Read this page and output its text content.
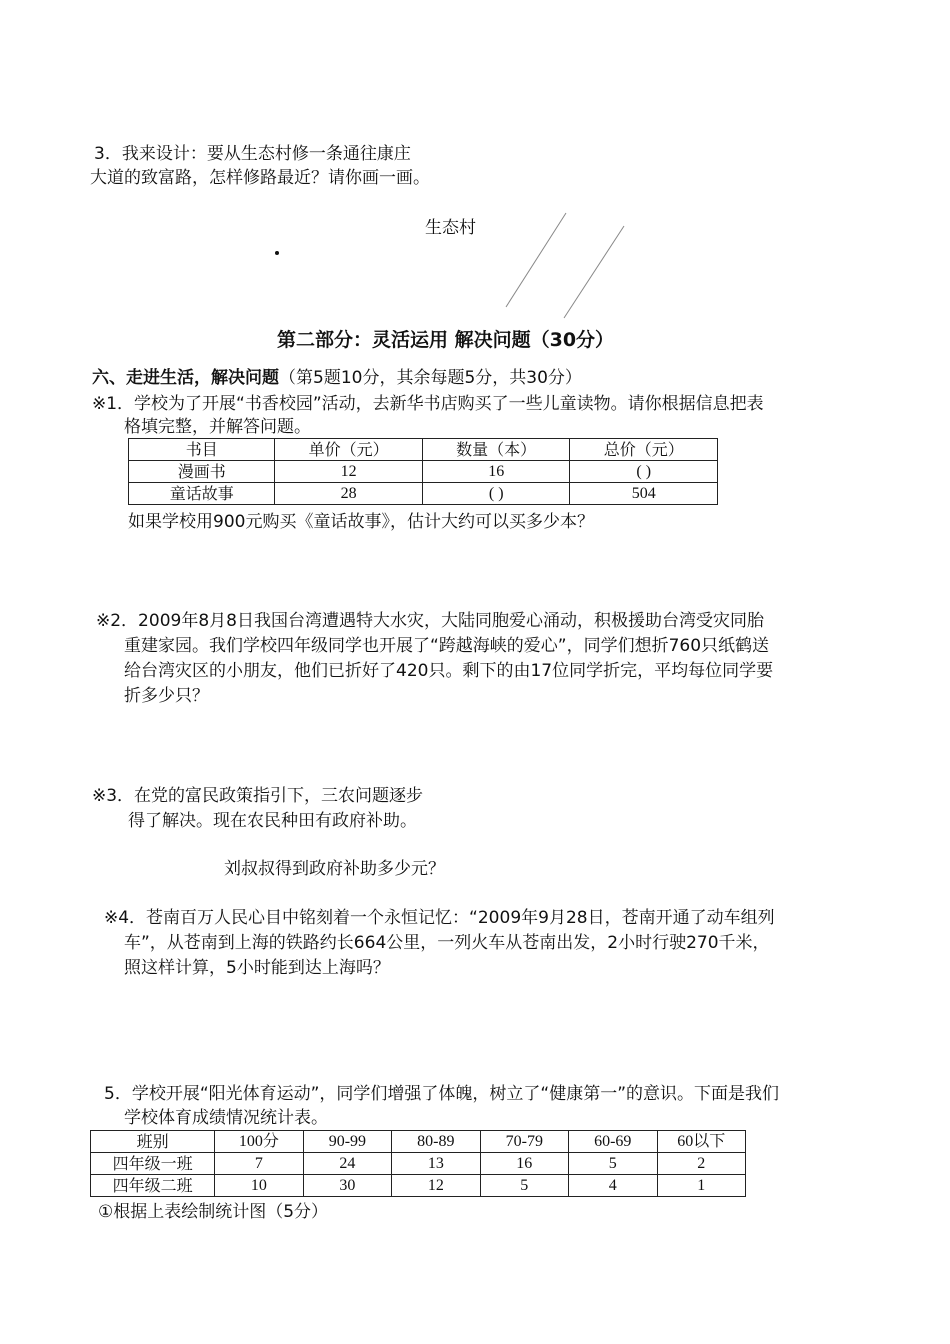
3．我来设计：要从生态村修一条通往康庄
大道的致富路，怎样修路最近？请你画一画。
生态村
第二部分：灵活运用 解决问题（30分）
六、走进生活，解决问题（第5题10分，其余每题5分，共30分）
※1．学校为了开展“书香校园”活动，去新华书店购买了一些儿童读物。请你根据信息把表
格填完整，并解答问题。
书目	单价（元）	数量（本）	总价（元）
漫画书	12	16	( )
童话故事	28	( )	504
如果学校用900元购买《童话故事》，估计大约可以买多少本？
※2．2009年8月8日我国台湾遭遇特大水灾，大陆同胞爱心涌动，积极援助台湾受灾同胎
重建家园。我们学校四年级同学也开展了“跨越海峡的爱心”，同学们想折760只纸鹤送
给台湾灾区的小朋友，他们已折好了420只。剩下的由17位同学折完，平均每位同学要
折多少只？
※3．在党的富民政策指引下，三农问题逐步
得了解决。现在农民种田有政府补助。
刘叔叔得到政府补助多少元？
※4．苍南百万人民心目中铭刻着一个永恒记忆：“2009年9月28日，苍南开通了动车组列
车”，从苍南到上海的铁路约长664公里，一列火车从苍南出发，2小时行驶270千米，
照这样计算，5小时能到达上海吗？
5．学校开展“阳光体育运动”，同学们增强了体魄，树立了“健康第一”的意识。下面是我们
学校体育成绩情况统计表。
班别	100分	90-99	80-89	70-79	60-69	60以下
四年级一班	7	24	13	16	5	2
四年级二班	10	30	12	5	4	1
①根据上表绘制统计图（5分）
